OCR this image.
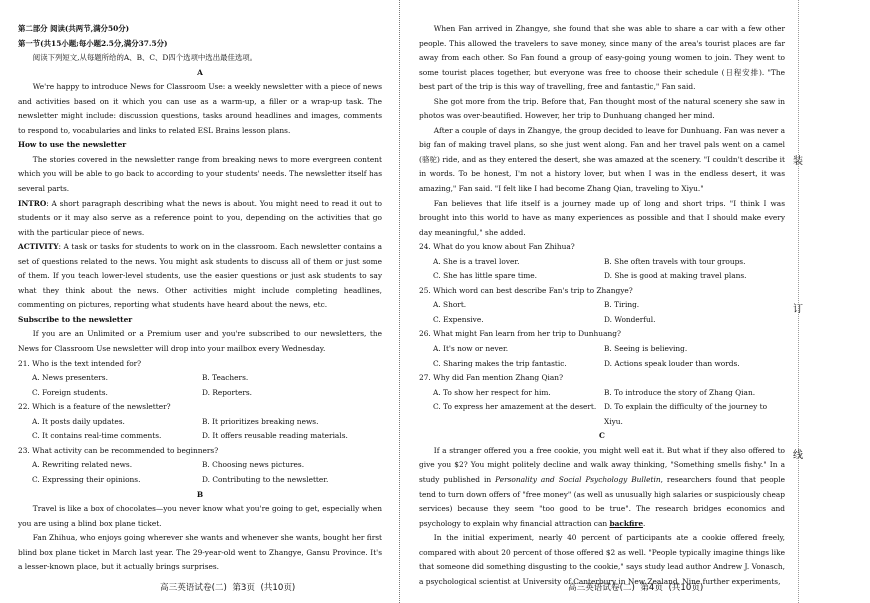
装
订
线

第二部分 阅读(共两节,满分50分)

第一节(共15小题;每小题2.5分,满分37.5分)

阅读下列短文,从每题所给的A、B、C、D四个选项中选出最佳选项。

A

We're happy to introduce News for Classroom Use: a weekly newsletter with a piece of news and activities based on it which you can use as a warm-up, a filler or a wrap-up task. The newsletter might include: discussion questions, tasks around headlines and images, comments to respond to, vocabularies and links to related ESL Brains lesson plans.

How to use the newsletter

The stories covered in the newsletter range from breaking news to more evergreen content which you will be able to go back to according to your students' needs. The newsletter itself has several parts.

INTRO: A short paragraph describing what the news is about. You might need to read it out to students or it may also serve as a reference point to you, depending on the activities that go with the particular piece of news.

ACTIVITY: A task or tasks for students to work on in the classroom. Each newsletter contains a set of questions related to the news. You might ask students to discuss all of them or just some of them. If you teach lower-level students, use the easier questions or just ask students to say what they think about the news. Other activities might include completing headlines, commenting on pictures, reporting what students have heard about the news, etc.

Subscribe to the newsletter

If you are an Unlimited or a Premium user and you're subscribed to our newsletters, the News for Classroom Use newsletter will drop into your mailbox every Wednesday.

21. Who is the text intended for?

A. News presenters.	B. Teachers.
C. Foreign students.	D. Reporters.

22. Which is a feature of the newsletter?

A. It posts daily updates.	B. It prioritizes breaking news.
C. It contains real-time comments.	D. It offers reusable reading materials.

23. What activity can be recommended to beginners?

A. Rewriting related news.	B. Choosing news pictures.
C. Expressing their opinions.	D. Contributing to the newsletter.

B

Travel is like a box of chocolates—you never know what you're going to get, especially when you are using a blind box plane ticket.

Fan Zhihua, who enjoys going wherever she wants and whenever she wants, bought her first blind box plane ticket in March last year. The 29-year-old went to Zhangye, Gansu Province. It's a lesser-known place, but it actually brings surprises.

When Fan arrived in Zhangye, she found that she was able to share a car with a few other people. This allowed the travelers to save money, since many of the area's tourist places are far away from each other. So Fan found a group of easy-going young women to join. They went to some tourist places together, but everyone was free to choose their schedule (日程安排). "The best part of the trip is this way of travelling, free and fantastic," Fan said.

She got more from the trip. Before that, Fan thought most of the natural scenery she saw in photos was over-beautified. However, her trip to Dunhuang changed her mind.

After a couple of days in Zhangye, the group decided to leave for Dunhuang. Fan was never a big fan of making travel plans, so she just went along. Fan and her travel pals went on a camel (骆驼) ride, and as they entered the desert, she was amazed at the scenery. "I couldn't describe it in words. To be honest, I'm not a history lover, but when I was in the endless desert, it was amazing," Fan said. "I felt like I had become Zhang Qian, traveling to Xiyu."

Fan believes that life itself is a journey made up of long and short trips. "I think I was brought into this world to have as many experiences as possible and that I should make every day meaningful," she added.

24. What do you know about Fan Zhihua?

A. She is a travel lover.	B. She often travels with tour groups.
C. She has little spare time.	D. She is good at making travel plans.

25. Which word can best describe Fan's trip to Zhangye?

A. Short.	B. Tiring.
C. Expensive.	D. Wonderful.

26. What might Fan learn from her trip to Dunhuang?

A. It's now or never.	B. Seeing is believing.
C. Sharing makes the trip fantastic.	D. Actions speak louder than words.

27. Why did Fan mention Zhang Qian?

A. To show her respect for him.	B. To introduce the story of Zhang Qian.
C. To express her amazement at the desert.	D. To explain the difficulty of the journey to Xiyu.

C

If a stranger offered you a free cookie, you might well eat it. But what if they also offered to give you $2? You might politely decline and walk away thinking, "Something smells fishy." In a study published in Personality and Social Psychology Bulletin, researchers found that people tend to turn down offers of "free money" (as well as unusually high salaries or suspiciously cheap services) because they seem "too good to be true". The research bridges economics and psychology to explain why financial attraction can backfire.

In the initial experiment, nearly 40 percent of participants ate a cookie offered freely, compared with about 20 percent of those offered $2 as well. "People typically imagine things like that someone did something disgusting to the cookie," says study lead author Andrew J. Vonasch, a psychological scientist at University of Canterbury in New Zealand. Nine further experiments,

高三英语试卷(二)  第3页  (共10页)	高三英语试卷(二)  第4页  (共10页)
